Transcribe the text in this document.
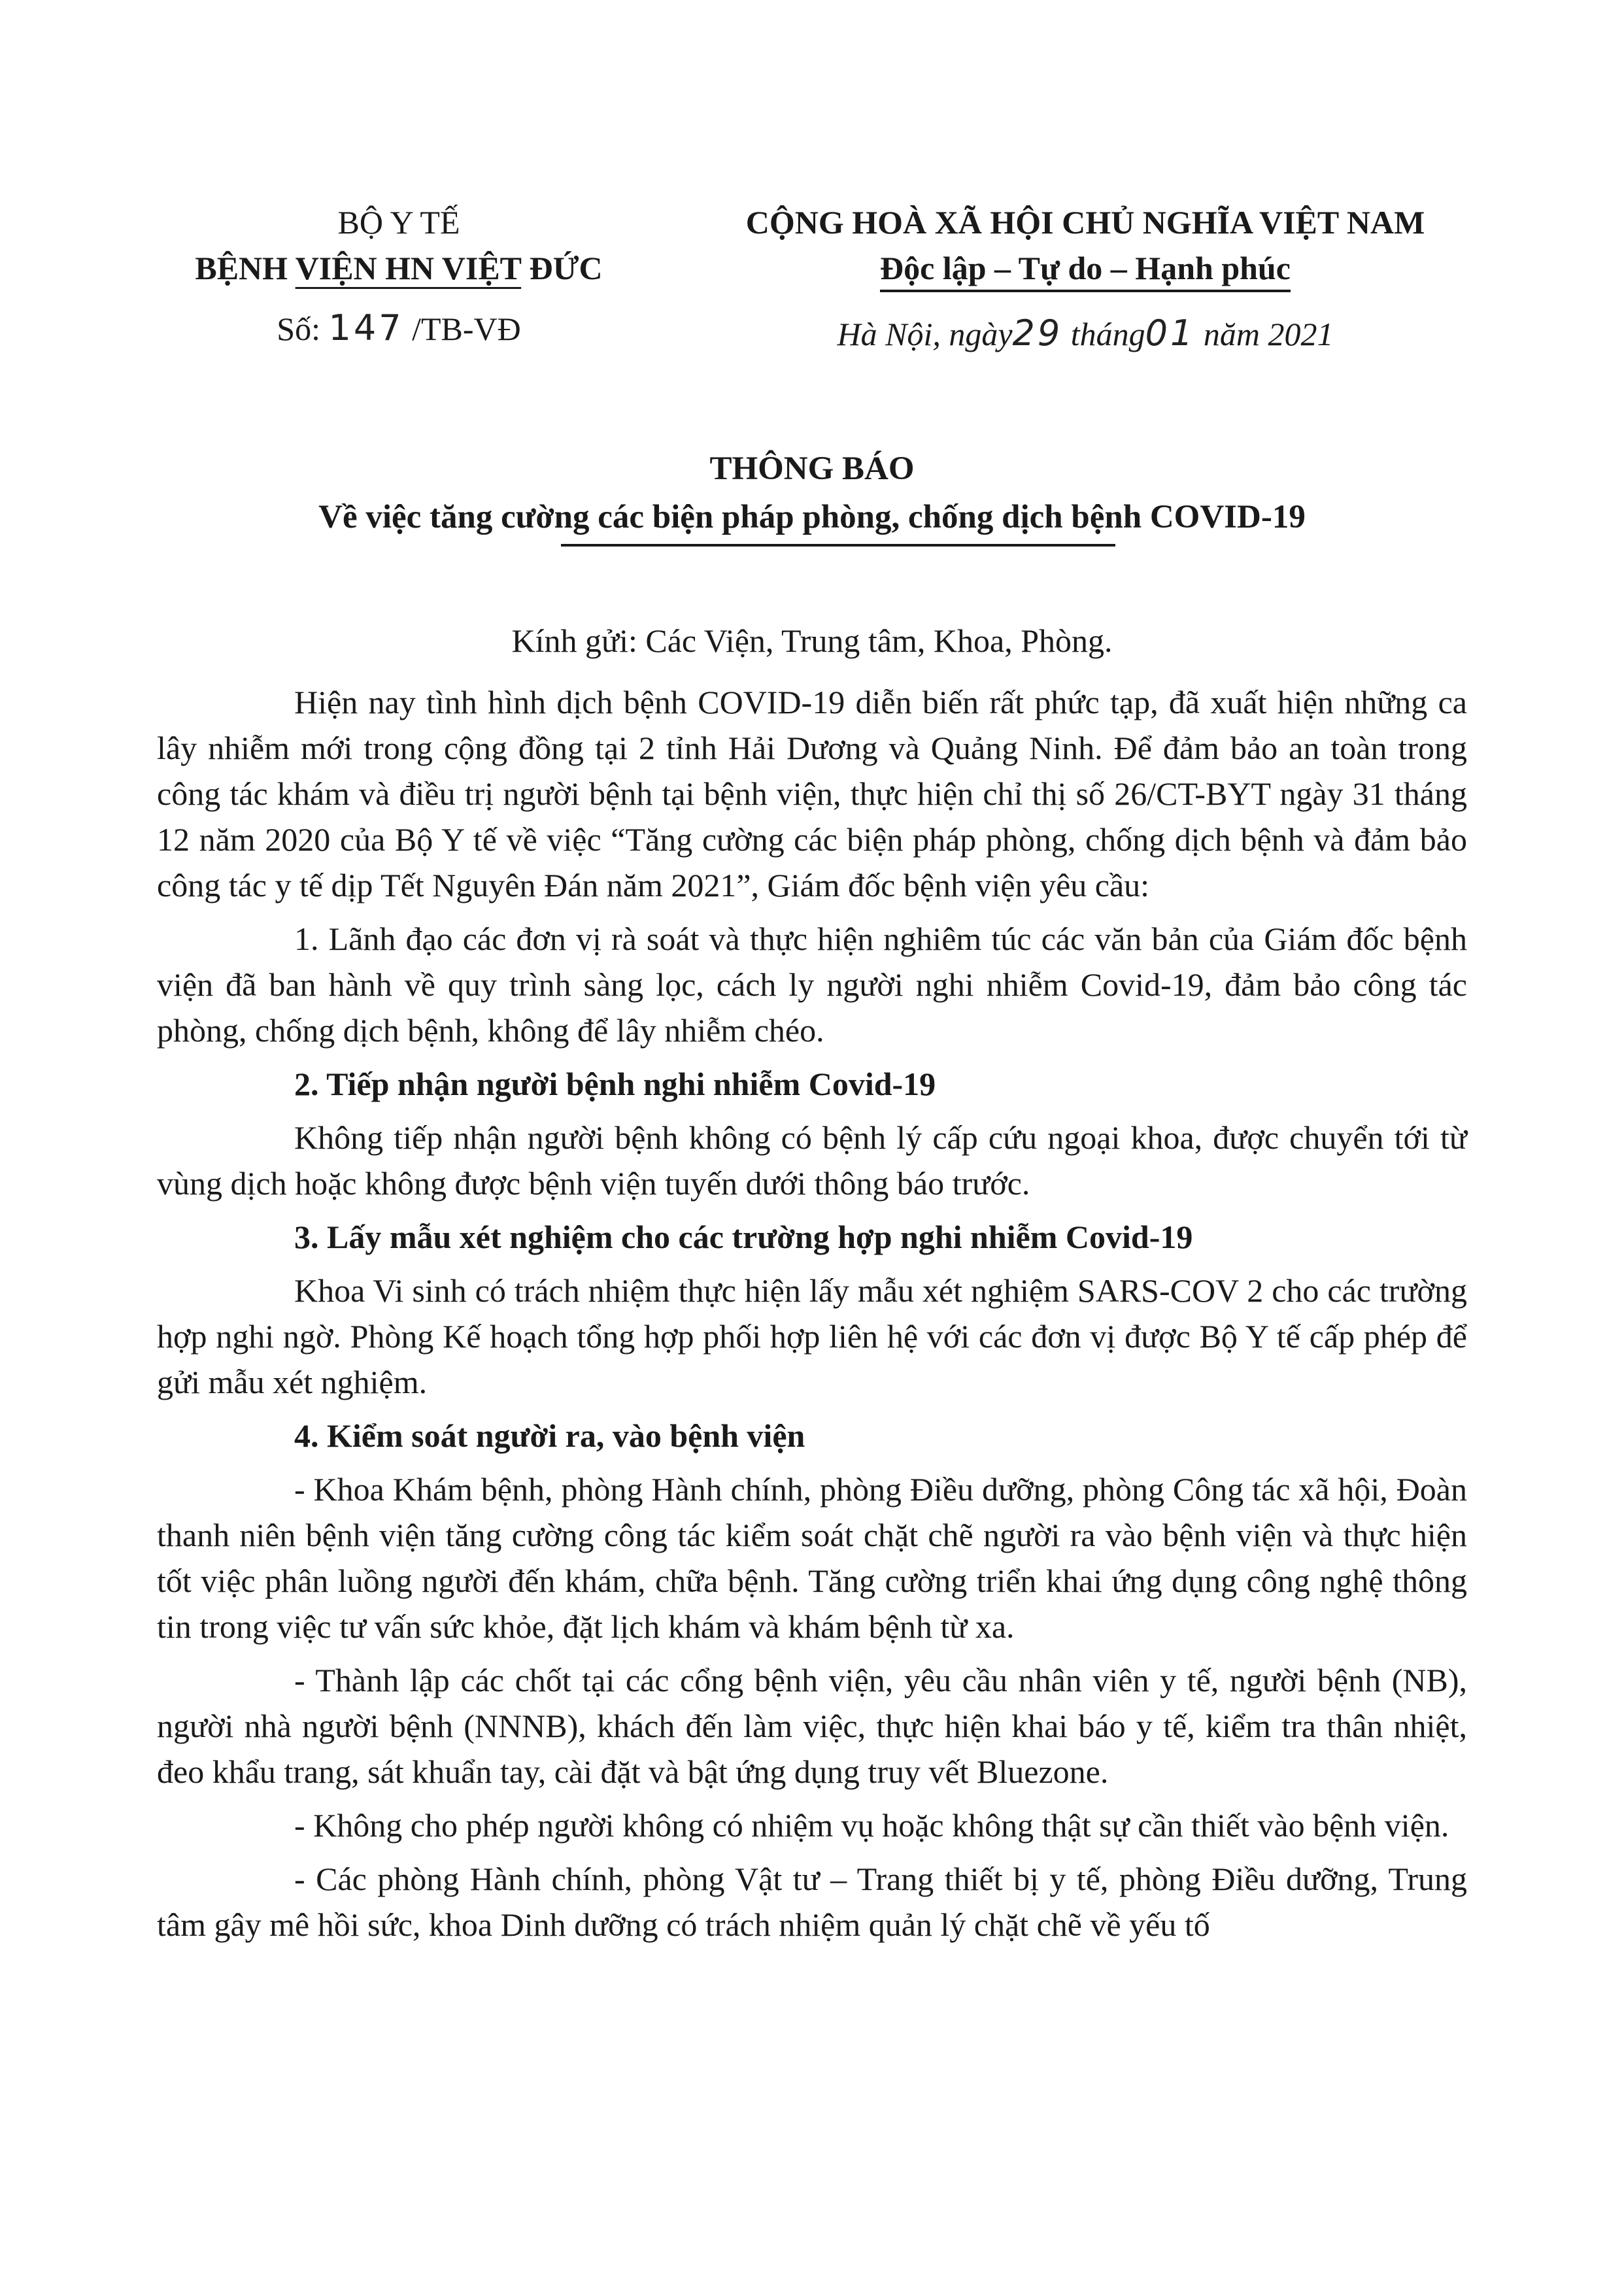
BỘ Y TẾ
BỆNH VIỆN HN VIỆT ĐỨC
Số: 147 /TB-VĐ
CỘNG HOÀ XÃ HỘI CHỦ NGHĨA VIỆT NAM
Độc lập – Tự do – Hạnh phúc
Hà Nội, ngày29 tháng01 năm 2021
THÔNG BÁO
Về việc tăng cường các biện pháp phòng, chống dịch bệnh COVID-19

Kính gửi: Các Viện, Trung tâm, Khoa, Phòng.

Hiện nay tình hình dịch bệnh COVID-19 diễn biến rất phức tạp, đã xuất hiện những ca lây nhiễm mới trong cộng đồng tại 2 tỉnh Hải Dương và Quảng Ninh. Để đảm bảo an toàn trong công tác khám và điều trị người bệnh tại bệnh viện, thực hiện chỉ thị số 26/CT-BYT ngày 31 tháng 12 năm 2020 của Bộ Y tế về việc “Tăng cường các biện pháp phòng, chống dịch bệnh và đảm bảo công tác y tế dịp Tết Nguyên Đán năm 2021”, Giám đốc bệnh viện yêu cầu:

1. Lãnh đạo các đơn vị rà soát và thực hiện nghiêm túc các văn bản của Giám đốc bệnh viện đã ban hành về quy trình sàng lọc, cách ly người nghi nhiễm Covid-19, đảm bảo công tác phòng, chống dịch bệnh, không để lây nhiễm chéo.

2. Tiếp nhận người bệnh nghi nhiễm Covid-19

Không tiếp nhận người bệnh không có bệnh lý cấp cứu ngoại khoa, được chuyển tới từ vùng dịch hoặc không được bệnh viện tuyến dưới thông báo trước.

3. Lấy mẫu xét nghiệm cho các trường hợp nghi nhiễm Covid-19

Khoa Vi sinh có trách nhiệm thực hiện lấy mẫu xét nghiệm SARS-COV 2 cho các trường hợp nghi ngờ. Phòng Kế hoạch tổng hợp phối hợp liên hệ với các đơn vị được Bộ Y tế cấp phép để gửi mẫu xét nghiệm.

4. Kiểm soát người ra, vào bệnh viện

- Khoa Khám bệnh, phòng Hành chính, phòng Điều dưỡng, phòng Công tác xã hội, Đoàn thanh niên bệnh viện tăng cường công tác kiểm soát chặt chẽ người ra vào bệnh viện và thực hiện tốt việc phân luồng người đến khám, chữa bệnh. Tăng cường triển khai ứng dụng công nghệ thông tin trong việc tư vấn sức khỏe, đặt lịch khám và khám bệnh từ xa.

- Thành lập các chốt tại các cổng bệnh viện, yêu cầu nhân viên y tế, người bệnh (NB), người nhà người bệnh (NNNB), khách đến làm việc, thực hiện khai báo y tế, kiểm tra thân nhiệt, đeo khẩu trang, sát khuẩn tay, cài đặt và bật ứng dụng truy vết Bluezone.

- Không cho phép người không có nhiệm vụ hoặc không thật sự cần thiết vào bệnh viện.

- Các phòng Hành chính, phòng Vật tư – Trang thiết bị y tế, phòng Điều dưỡng, Trung tâm gây mê hồi sức, khoa Dinh dưỡng có trách nhiệm quản lý chặt chẽ về yếu tố
